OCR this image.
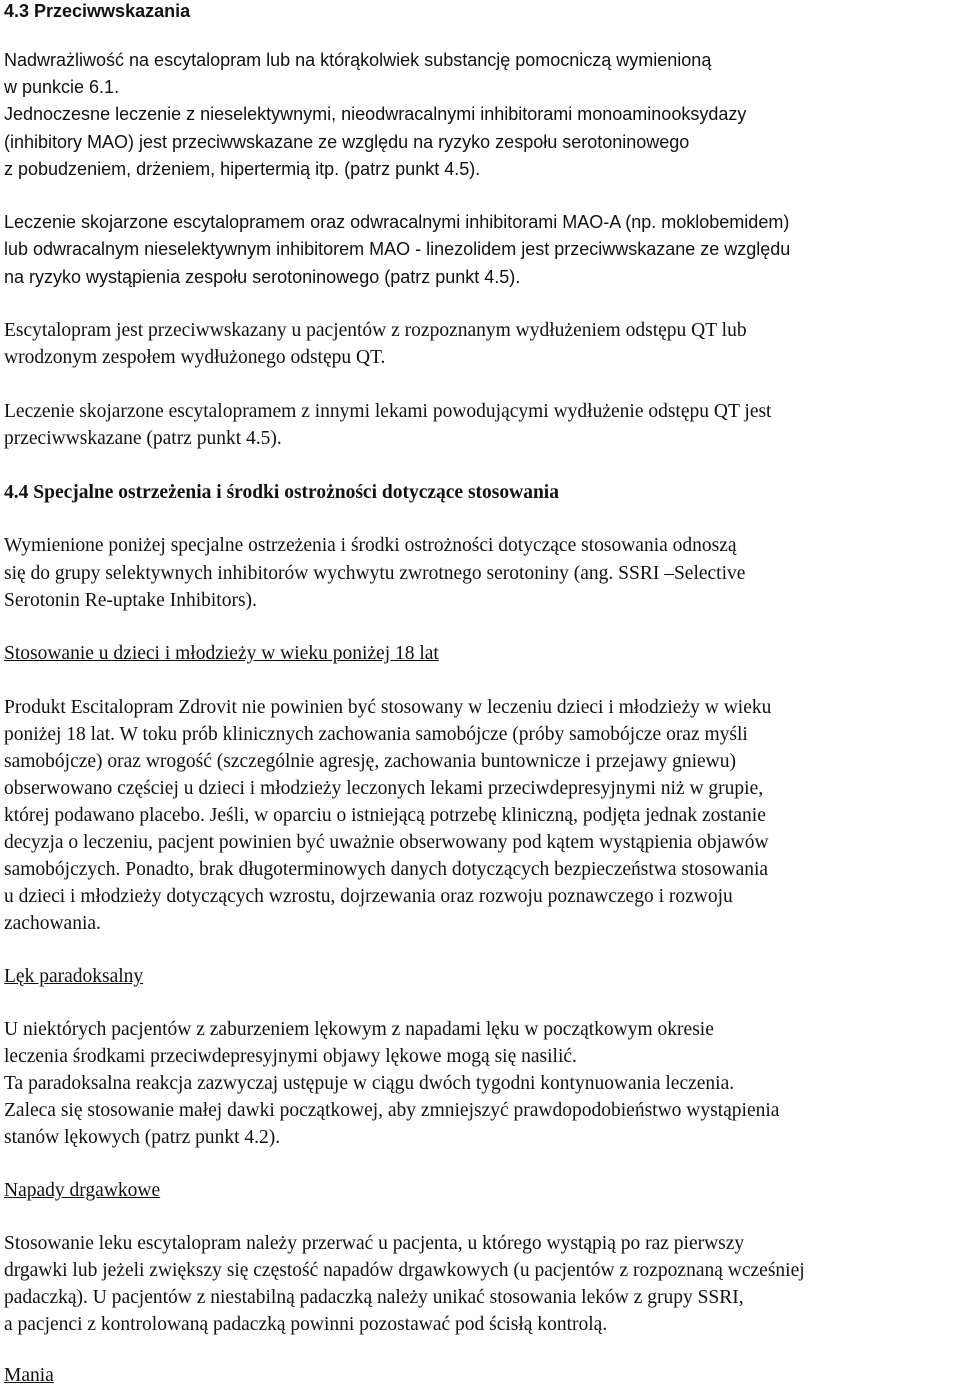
4.3 Przeciwwskazania
Nadwrażliwość na escytalopram lub na którąkolwiek substancję pomocniczą wymienioną
w punkcie 6.1.
Jednoczesne leczenie z nieselektywnymi, nieodwracalnymi inhibitorami monoaminooksydazy
(inhibitory MAO) jest przeciwwskazane ze względu na ryzyko zespołu serotoninowego
z pobudzeniem, drżeniem, hipertermią itp. (patrz punkt 4.5).
Leczenie skojarzone escytalopramem oraz odwracalnymi inhibitorami MAO-A (np. moklobemidem)
lub odwracalnym nieselektywnym inhibitorem MAO - linezolidem jest przeciwwskazane ze względu
na ryzyko wystąpienia zespołu serotoninowego (patrz punkt 4.5).
Escytalopram jest przeciwwskazany u pacjentów z rozpoznanym wydłużeniem odstępu QT lub
wrodzonym zespołem wydłużonego odstępu QT.
Leczenie skojarzone escytalopramem z innymi lekami powodującymi wydłużenie odstępu QT jest
przeciwwskazane (patrz punkt 4.5).
4.4 Specjalne ostrzeżenia i środki ostrożności dotyczące stosowania
Wymienione poniżej specjalne ostrzeżenia i środki ostrożności dotyczące stosowania odnoszą
się do grupy selektywnych inhibitorów wychwytu zwrotnego serotoniny (ang. SSRI –Selective
Serotonin Re-uptake Inhibitors).
Stosowanie u dzieci i młodzieży w wieku poniżej 18 lat
Produkt Escitalopram Zdrovit nie powinien być stosowany w leczeniu dzieci i młodzieży w wieku
poniżej 18 lat. W toku prób klinicznych zachowania samobójcze (próby samobójcze oraz myśli
samobójcze) oraz wrogość (szczególnie agresję, zachowania buntownicze i przejawy gniewu)
obserwowano częściej u dzieci i młodzieży leczonych lekami przeciwdepresyjnymi niż w grupie,
której podawano placebo. Jeśli, w oparciu o istniejącą potrzebę kliniczną, podjęta jednak zostanie
decyzja o leczeniu, pacjent powinien być uważnie obserwowany pod kątem wystąpienia objawów
samobójczych. Ponadto, brak długoterminowych danych dotyczących bezpieczeństwa stosowania
u dzieci i młodzieży dotyczących wzrostu, dojrzewania oraz rozwoju poznawczego i rozwoju
zachowania.
Lęk paradoksalny
U niektórych pacjentów z zaburzeniem lękowym z napadami lęku w początkowym okresie
leczenia środkami przeciwdepresyjnymi objawy lękowe mogą się nasilić.
Ta paradoksalna reakcja zazwyczaj ustępuje w ciągu dwóch tygodni kontynuowania leczenia.
Zaleca się stosowanie małej dawki początkowej, aby zmniejszyć prawdopodobieństwo wystąpienia
stanów lękowych (patrz punkt 4.2).
Napady drgawkowe
Stosowanie leku escytalopram należy przerwać u pacjenta, u którego wystąpią po raz pierwszy
drgawki lub jeżeli zwiększy się częstość napadów drgawkowych (u pacjentów z rozpoznaną wcześniej
padaczką). U pacjentów z niestabilną padaczką należy unikać stosowania leków z grupy SSRI,
a pacjenci z kontrolowaną padaczką powinni pozostawać pod ścisłą kontrolą.
Mania
